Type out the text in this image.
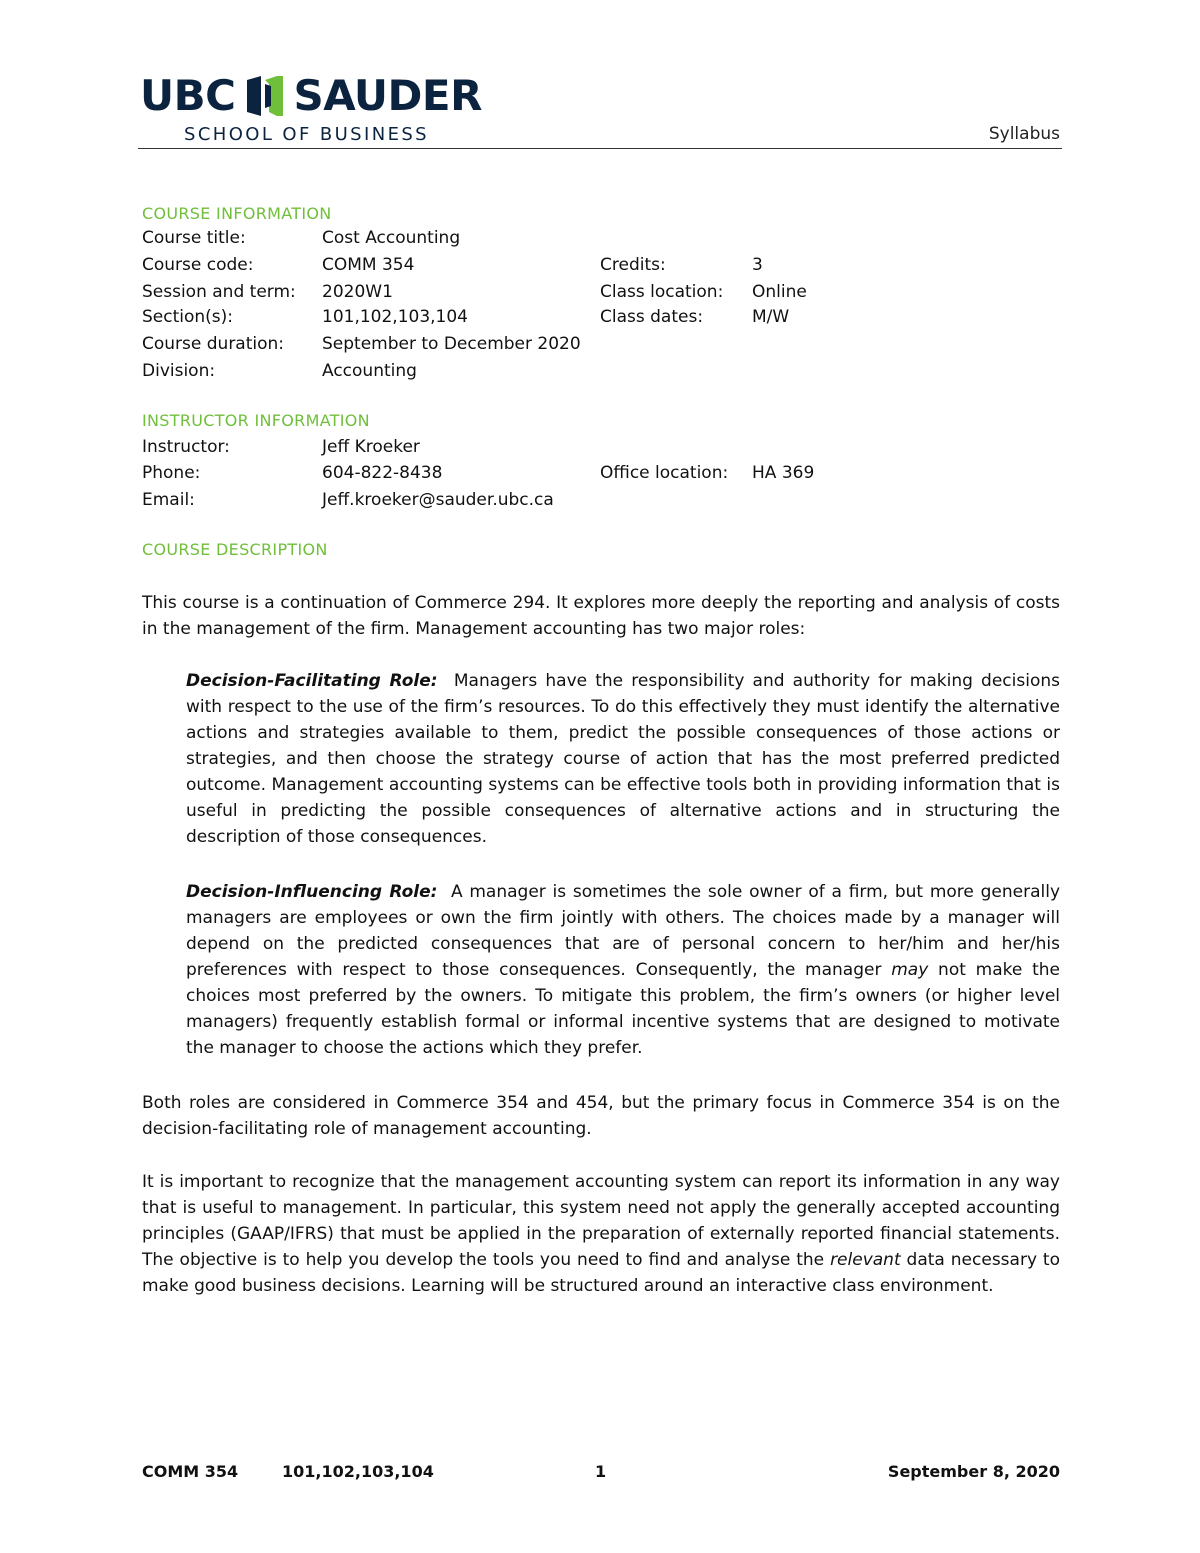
UBC SAUDER
SCHOOL OF BUSINESS	Syllabus
COURSE INFORMATION
Course title:	Cost Accounting
Course code:	COMM 354	Credits:	3
Session and term: 2020W1	Class location: Online
Section(s):	101,102,103,104	Class dates:	M/W
Course duration: September to December 2020
Division:	Accounting
INSTRUCTOR INFORMATION
Instructor:	Jeff Kroeker
Phone:	604-822-8438	Office location: HA 369
Email:	Jeff.kroeker@sauder.ubc.ca
COURSE DESCRIPTION

This course is a continuation of Commerce 294. It explores more deeply the reporting and analysis of costs in the management of the firm. Management accounting has two major roles:

Decision-Facilitating Role: Managers have the responsibility and authority for making decisions with respect to the use of the firm’s resources. To do this effectively they must identify the alternative actions and strategies available to them, predict the possible consequences of those actions or strategies, and then choose the strategy course of action that has the most preferred predicted outcome. Management accounting systems can be effective tools both in providing information that is useful in predicting the possible consequences of alternative actions and in structuring the description of those consequences.

Decision-Influencing Role: A manager is sometimes the sole owner of a firm, but more generally managers are employees or own the firm jointly with others. The choices made by a manager will depend on the predicted consequences that are of personal concern to her/him and her/his preferences with respect to those consequences. Consequently, the manager may not make the choices most preferred by the owners. To mitigate this problem, the firm’s owners (or higher level managers) frequently establish formal or informal incentive systems that are designed to motivate the manager to choose the actions which they prefer.

Both roles are considered in Commerce 354 and 454, but the primary focus in Commerce 354 is on the decision-facilitating role of management accounting.

It is important to recognize that the management accounting system can report its information in any way that is useful to management. In particular, this system need not apply the generally accepted accounting principles (GAAP/IFRS) that must be applied in the preparation of externally reported financial statements. The objective is to help you develop the tools you need to find and analyse the relevant data necessary to make good business decisions. Learning will be structured around an interactive class environment.

COMM 354	101,102,103,104	1	September 8, 2020
